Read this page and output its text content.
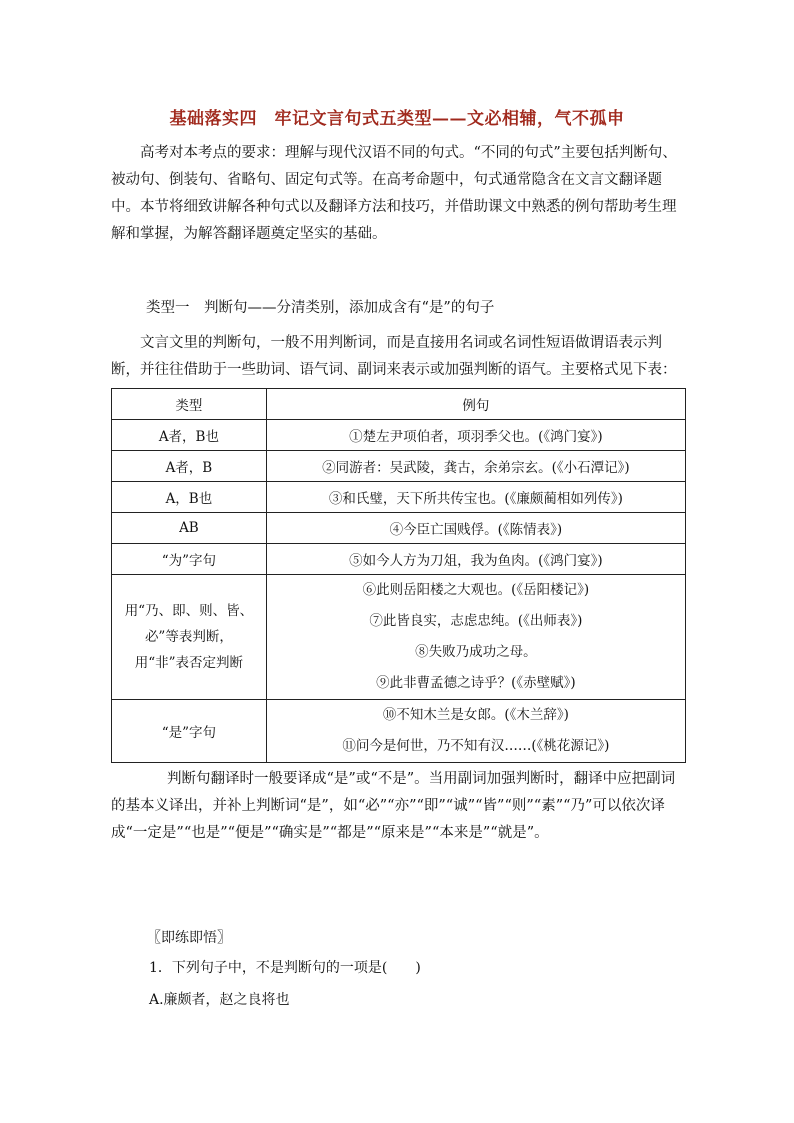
基础落实四　牢记文言句式五类型——文必相辅，气不孤申

高考对本考点的要求：理解与现代汉语不同的句式。“不同的句式”主要包括判断句、被动句、倒装句、省略句、固定句式等。在高考命题中，句式通常隐含在文言文翻译题中。本节将细致讲解各种句式以及翻译方法和技巧，并借助课文中熟悉的例句帮助考生理解和掌握，为解答翻译题奠定坚实的基础。

类型一　判断句——分清类别，添加成含有“是”的句子

文言文里的判断句，一般不用判断词，而是直接用名词或名词性短语做谓语表示判断，并往往借助于一些助词、语气词、副词来表示或加强判断的语气。主要格式见下表：

类型	例句
A者，B也	①楚左尹项伯者，项羽季父也。(《鸿门宴》)
A者，B	②同游者：吴武陵，龚古，余弟宗玄。(《小石潭记》)
A，B也	③和氏璧，天下所共传宝也。(《廉颇蔺相如列传》)
AB	④今臣亡国贱俘。(《陈情表》)
“为”字句	⑤如今人方为刀俎，我为鱼肉。(《鸿门宴》)
用“乃、即、则、皆、必”等表判断，用“非”表否定判断	⑥此则岳阳楼之大观也。(《岳阳楼记》)
⑦此皆良实，志虑忠纯。(《出师表》)
⑧失败乃成功之母。
⑨此非曹孟德之诗乎？(《赤壁赋》)

“是”字句	⑩不知木兰是女郎。(《木兰辞》)
⑪问今是何世，乃不知有汉……(《桃花源记》)

判断句翻译时一般要译成“是”或“不是”。当用副词加强判断时，翻译中应把副词的基本义译出，并补上判断词“是”，如“必”“亦”“即”“诚”“皆”“则”“素”“乃”可以依次译成“一定是”“也是”“便是”“确实是”“都是”“原来是”“本来是”“就是”。

〖即练即悟〗
1．下列句子中，不是判断句的一项是(　　)
A.廉颇者，赵之良将也
